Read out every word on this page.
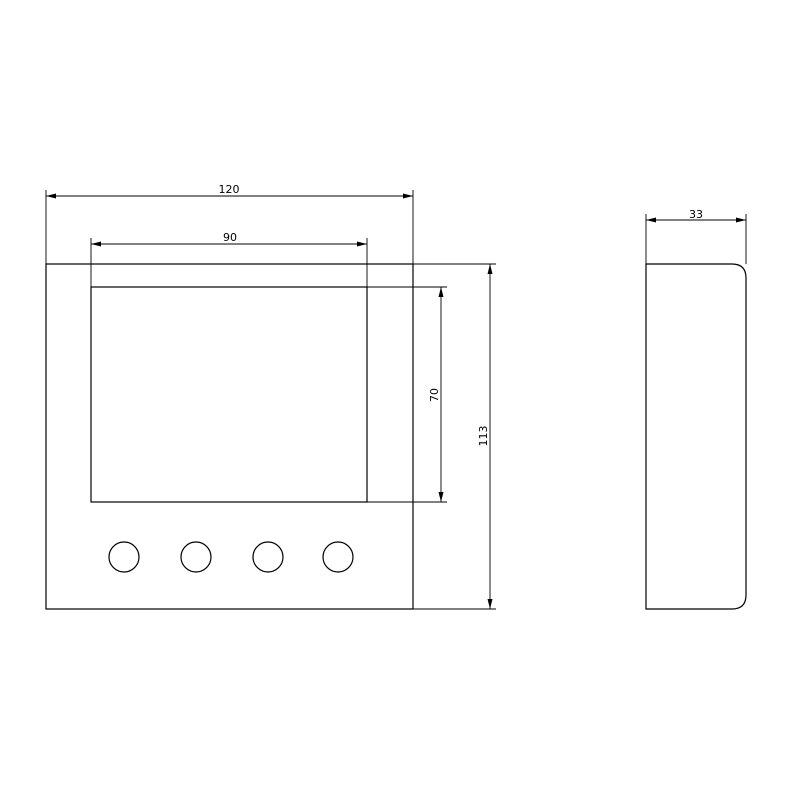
120
90
70
113
33
